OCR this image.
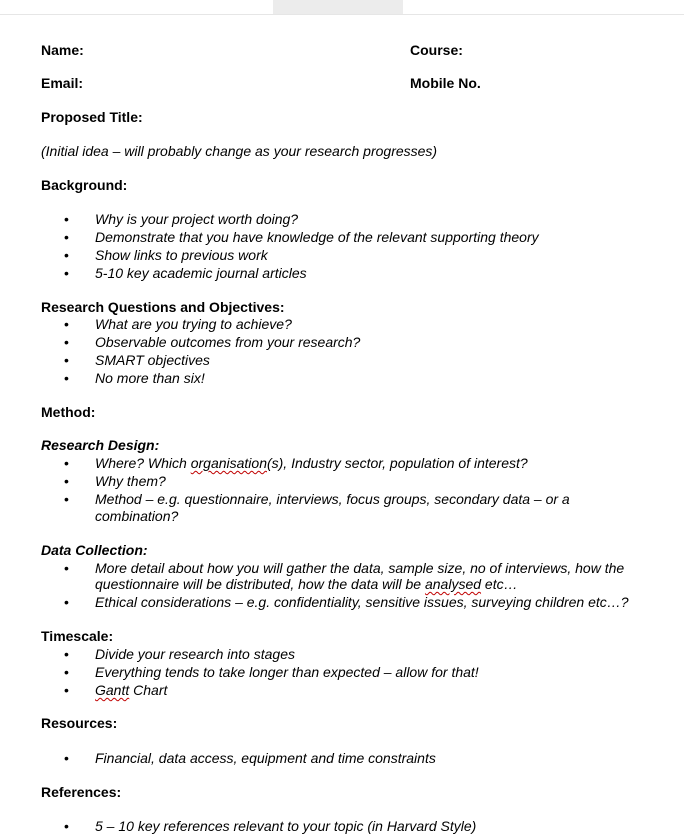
Name:	Course:
Email:	Mobile No.
Proposed Title:
(Initial idea – will probably change as your research progresses)
Background:
•	Why is your project worth doing?
•	Demonstrate that you have knowledge of the relevant supporting theory
•	Show links to previous work
•	5-10 key academic journal articles
Research Questions and Objectives:
•	What are you trying to achieve?
•	Observable outcomes from your research?
•	SMART objectives
•	No more than six!
Method:
Research Design:
•	Where? Which organisation(s), Industry sector, population of interest?
•	Why them?
•	Method – e.g. questionnaire, interviews, focus groups, secondary data – or a
combination?
Data Collection:
•	More detail about how you will gather the data, sample size, no of interviews, how the
questionnaire will be distributed, how the data will be analysed etc…
•	Ethical considerations – e.g. confidentiality, sensitive issues, surveying children etc…?
Timescale:
•	Divide your research into stages
•	Everything tends to take longer than expected – allow for that!
•	Gantt Chart
Resources:
•	Financial, data access, equipment and time constraints
References:
•	5 – 10 key references relevant to your topic (in Harvard Style)
